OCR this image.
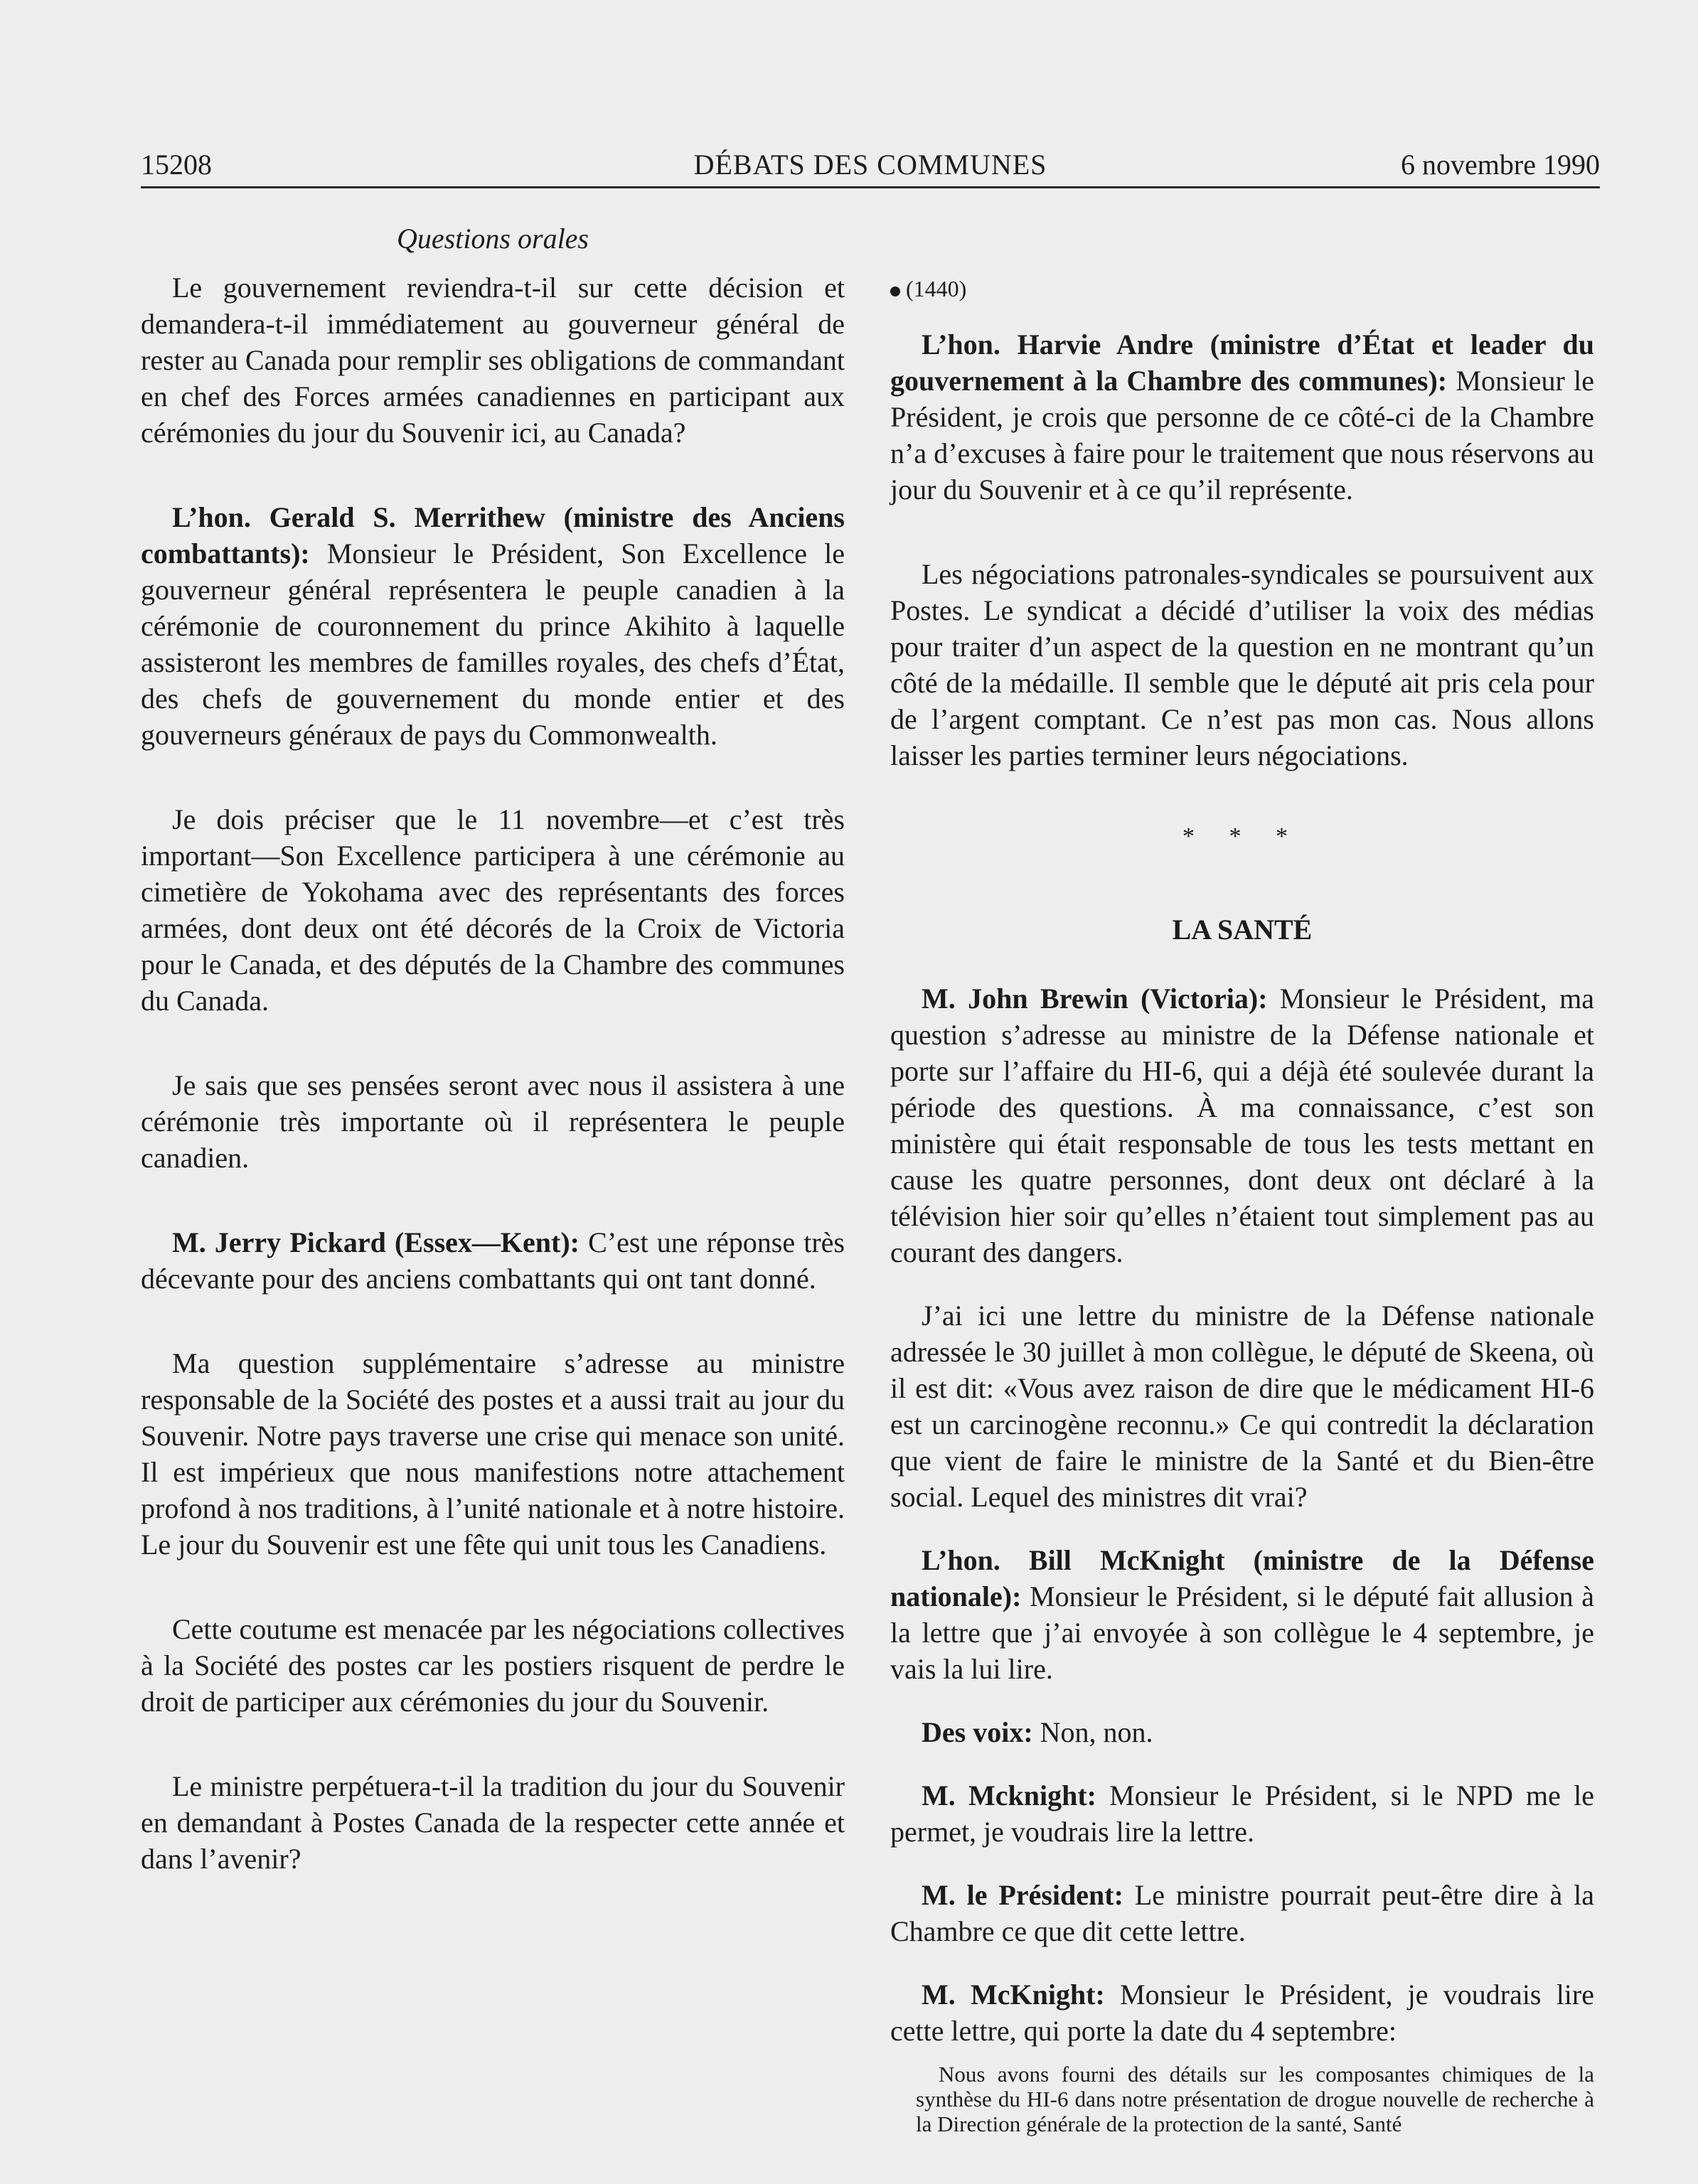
15208	DÉBATS DES COMMUNES	6 novembre 1990
Questions orales

Le gouvernement reviendra-t-il sur cette décision et demandera-t-il immédiatement au gouverneur général de rester au Canada pour remplir ses obligations de commandant en chef des Forces armées canadiennes en participant aux cérémonies du jour du Souvenir ici, au Canada?

L’hon. Gerald S. Merrithew (ministre des Anciens combattants): Monsieur le Président, Son Excellence le gouverneur général représentera le peuple canadien à la cérémonie de couronnement du prince Akihito à laquelle assisteront les membres de familles royales, des chefs d’État, des chefs de gouvernement du monde entier et des gouverneurs généraux de pays du Commonwealth.

Je dois préciser que le 11 novembre—et c’est très important—Son Excellence participera à une cérémonie au cimetière de Yokohama avec des représentants des forces armées, dont deux ont été décorés de la Croix de Victoria pour le Canada, et des députés de la Chambre des communes du Canada.

Je sais que ses pensées seront avec nous il assistera à une cérémonie très importante où il représentera le peuple canadien.

M. Jerry Pickard (Essex—Kent): C’est une réponse très décevante pour des anciens combattants qui ont tant donné.

Ma question supplémentaire s’adresse au ministre responsable de la Société des postes et a aussi trait au jour du Souvenir. Notre pays traverse une crise qui menace son unité. Il est impérieux que nous manifestions notre attachement profond à nos traditions, à l’unité nationale et à notre histoire. Le jour du Souvenir est une fête qui unit tous les Canadiens.

Cette coutume est menacée par les négociations collectives à la Société des postes car les postiers risquent de perdre le droit de participer aux cérémonies du jour du Souvenir.

Le ministre perpétuera-t-il la tradition du jour du Souvenir en demandant à Postes Canada de la respecter cette année et dans l’avenir?

(1440)

L’hon. Harvie Andre (ministre d’État et leader du gouvernement à la Chambre des communes): Monsieur le Président, je crois que personne de ce côté-ci de la Chambre n’a d’excuses à faire pour le traitement que nous réservons au jour du Souvenir et à ce qu’il représente.

Les négociations patronales-syndicales se poursuivent aux Postes. Le syndicat a décidé d’utiliser la voix des médias pour traiter d’un aspect de la question en ne montrant qu’un côté de la médaille. Il semble que le député ait pris cela pour de l’argent comptant. Ce n’est pas mon cas. Nous allons laisser les parties terminer leurs négociations.

* * *
LA SANTÉ

M. John Brewin (Victoria): Monsieur le Président, ma question s’adresse au ministre de la Défense nationale et porte sur l’affaire du HI-6, qui a déjà été soulevée durant la période des questions. À ma connaissance, c’est son ministère qui était responsable de tous les tests mettant en cause les quatre personnes, dont deux ont déclaré à la télévision hier soir qu’elles n’étaient tout simplement pas au courant des dangers.

J’ai ici une lettre du ministre de la Défense nationale adressée le 30 juillet à mon collègue, le député de Skeena, où il est dit: «Vous avez raison de dire que le médicament HI-6 est un carcinogène reconnu.» Ce qui contredit la déclaration que vient de faire le ministre de la Santé et du Bien-être social. Lequel des ministres dit vrai?

L’hon. Bill McKnight (ministre de la Défense nationale): Monsieur le Président, si le député fait allusion à la lettre que j’ai envoyée à son collègue le 4 septembre, je vais la lui lire.

Des voix: Non, non.

M. Mcknight: Monsieur le Président, si le NPD me le permet, je voudrais lire la lettre.

M. le Président: Le ministre pourrait peut-être dire à la Chambre ce que dit cette lettre.

M. McKnight: Monsieur le Président, je voudrais lire cette lettre, qui porte la date du 4 septembre:

Nous avons fourni des détails sur les composantes chimiques de la synthèse du HI-6 dans notre présentation de drogue nouvelle de recherche à la Direction générale de la protection de la santé, Santé
